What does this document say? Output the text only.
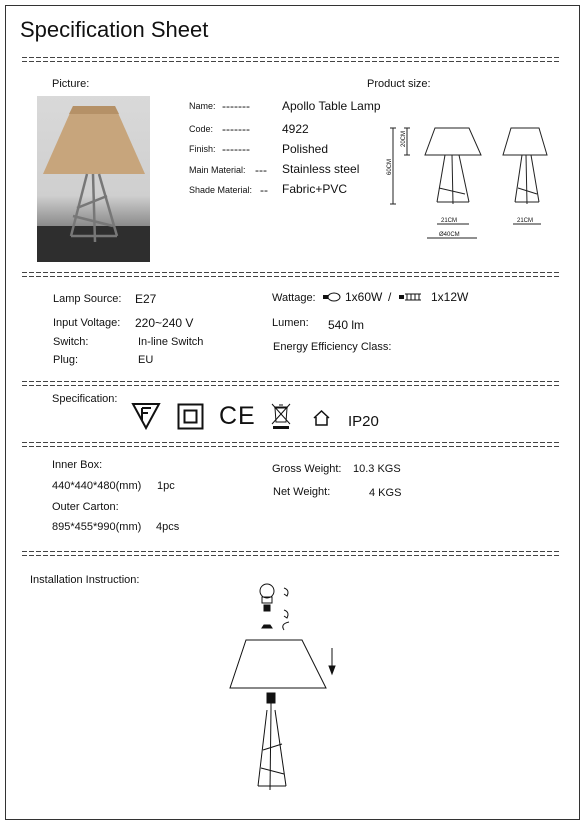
Specification Sheet
Picture:	Product size:
Name: -------	Apollo Table Lamp
Code: -------	4922
Finish: -------	Polished
Main Material: --- Stainless steel
Shade Material: -- Fabric+PVC
20CM
60CM
21CM
Ø40CM
21CM
Lamp Source: E27
Input Voltage: 220~240 V
Switch:	In-line Switch
Plug:	EU
Wattage: 1x60W /	1x12W
Lumen: 540 lm
Energy Efficiency Class:
Specification:
CE	IP20
Inner Box:
440*440*480(mm) 1pc
Outer Carton:
895*455*990(mm) 4pcs
Gross Weight: 10.3 KGS
Net Weight:	4 KGS
Installation Instruction:
